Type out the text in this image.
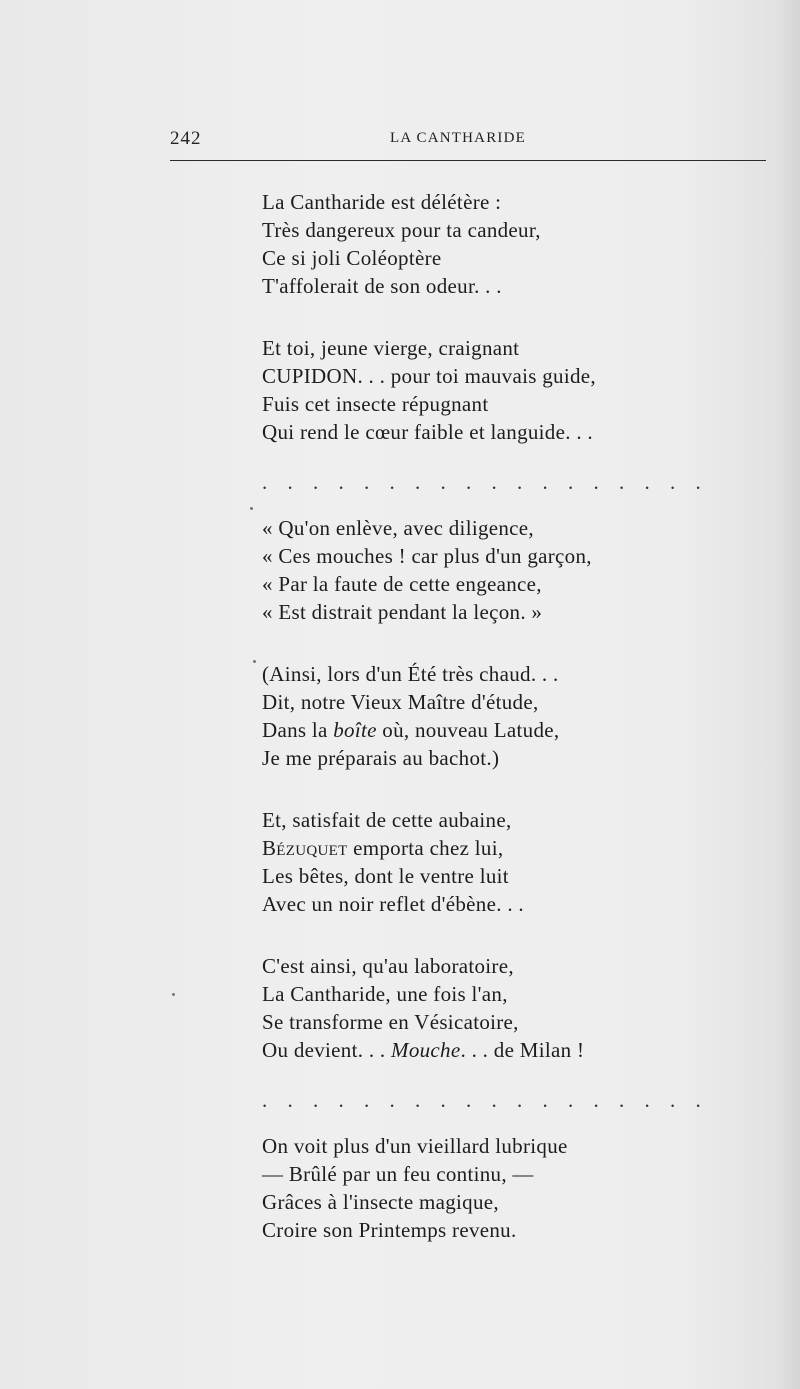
242	LA CANTHARIDE
La Cantharide est délétère :
Très dangereux pour ta candeur,
Ce si joli Coléoptère
T'affolerait de son odeur. . .
Et toi, jeune vierge, craignant
CUPIDON. . . pour toi mauvais guide,
Fuis cet insecte répugnant
Qui rend le cœur faible et languide. . .
. . . . . . . . . . . . . . . . . .
« Qu'on enlève, avec diligence,
« Ces mouches ! car plus d'un garçon,
« Par la faute de cette engeance,
« Est distrait pendant la leçon. »
(Ainsi, lors d'un Été très chaud. . .
Dit, notre Vieux Maître d'étude,
Dans la boîte où, nouveau Latude,
Je me préparais au bachot.)
Et, satisfait de cette aubaine,
Bézuquet emporta chez lui,
Les bêtes, dont le ventre luit
Avec un noir reflet d'ébène. . .
C'est ainsi, qu'au laboratoire,
La Cantharide, une fois l'an,
Se transforme en Vésicatoire,
Ou devient. . . Mouche. . . de Milan !
. . . . . . . . . . . . . . . . . .
On voit plus d'un vieillard lubrique
— Brûlé par un feu continu, —
Grâces à l'insecte magique,
Croire son Printemps revenu.
